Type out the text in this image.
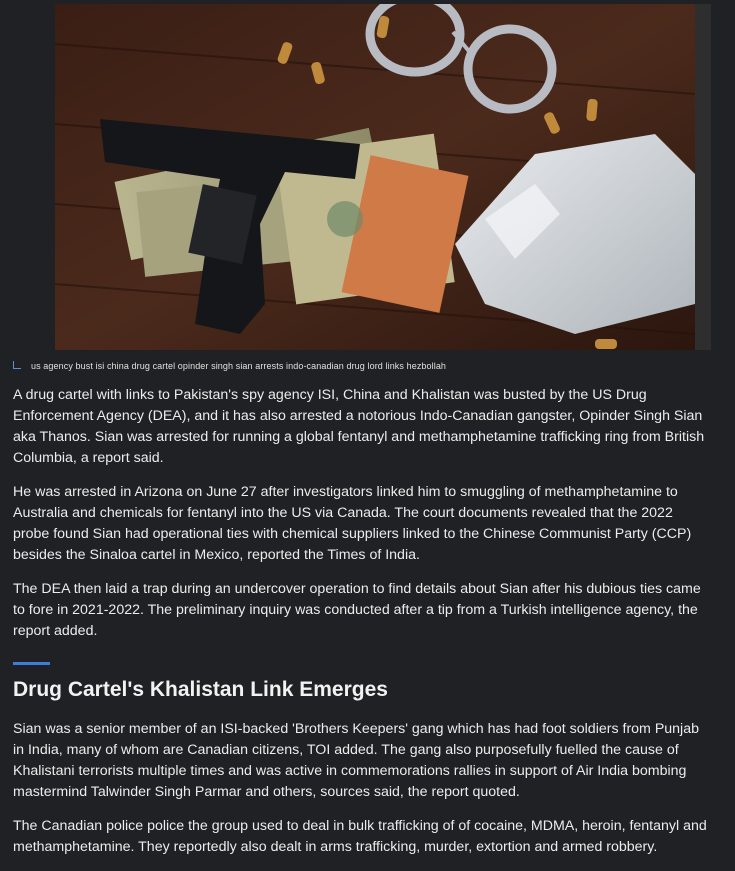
us agency bust isi china drug cartel opinder singh sian arrests indo-canadian drug lord links hezbollah

A drug cartel with links to Pakistan's spy agency ISI, China and Khalistan was busted by the US Drug Enforcement Agency (DEA), and it has also arrested a notorious Indo-Canadian gangster, Opinder Singh Sian aka Thanos. Sian was arrested for running a global fentanyl and methamphetamine trafficking ring from British Columbia, a report said.

He was arrested in Arizona on June 27 after investigators linked him to smuggling of methamphetamine to Australia and chemicals for fentanyl into the US via Canada. The court documents revealed that the 2022 probe found Sian had operational ties with chemical suppliers linked to the Chinese Communist Party (CCP) besides the Sinaloa cartel in Mexico, reported the Times of India.

The DEA then laid a trap during an undercover operation to find details about Sian after his dubious ties came to fore in 2021-2022. The preliminary inquiry was conducted after a tip from a Turkish intelligence agency, the report added.

Drug Cartel's Khalistan Link Emerges

Sian was a senior member of an ISI-backed 'Brothers Keepers' gang which has had foot soldiers from Punjab in India, many of whom are Canadian citizens, TOI added. The gang also purposefully fuelled the cause of Khalistani terrorists multiple times and was active in commemorations rallies in support of Air India bombing mastermind Talwinder Singh Parmar and others, sources said, the report quoted.

The Canadian police police the group used to deal in bulk trafficking of of cocaine, MDMA, heroin, fentanyl and methamphetamine. They reportedly also dealt in arms trafficking, murder, extortion and armed robbery.
